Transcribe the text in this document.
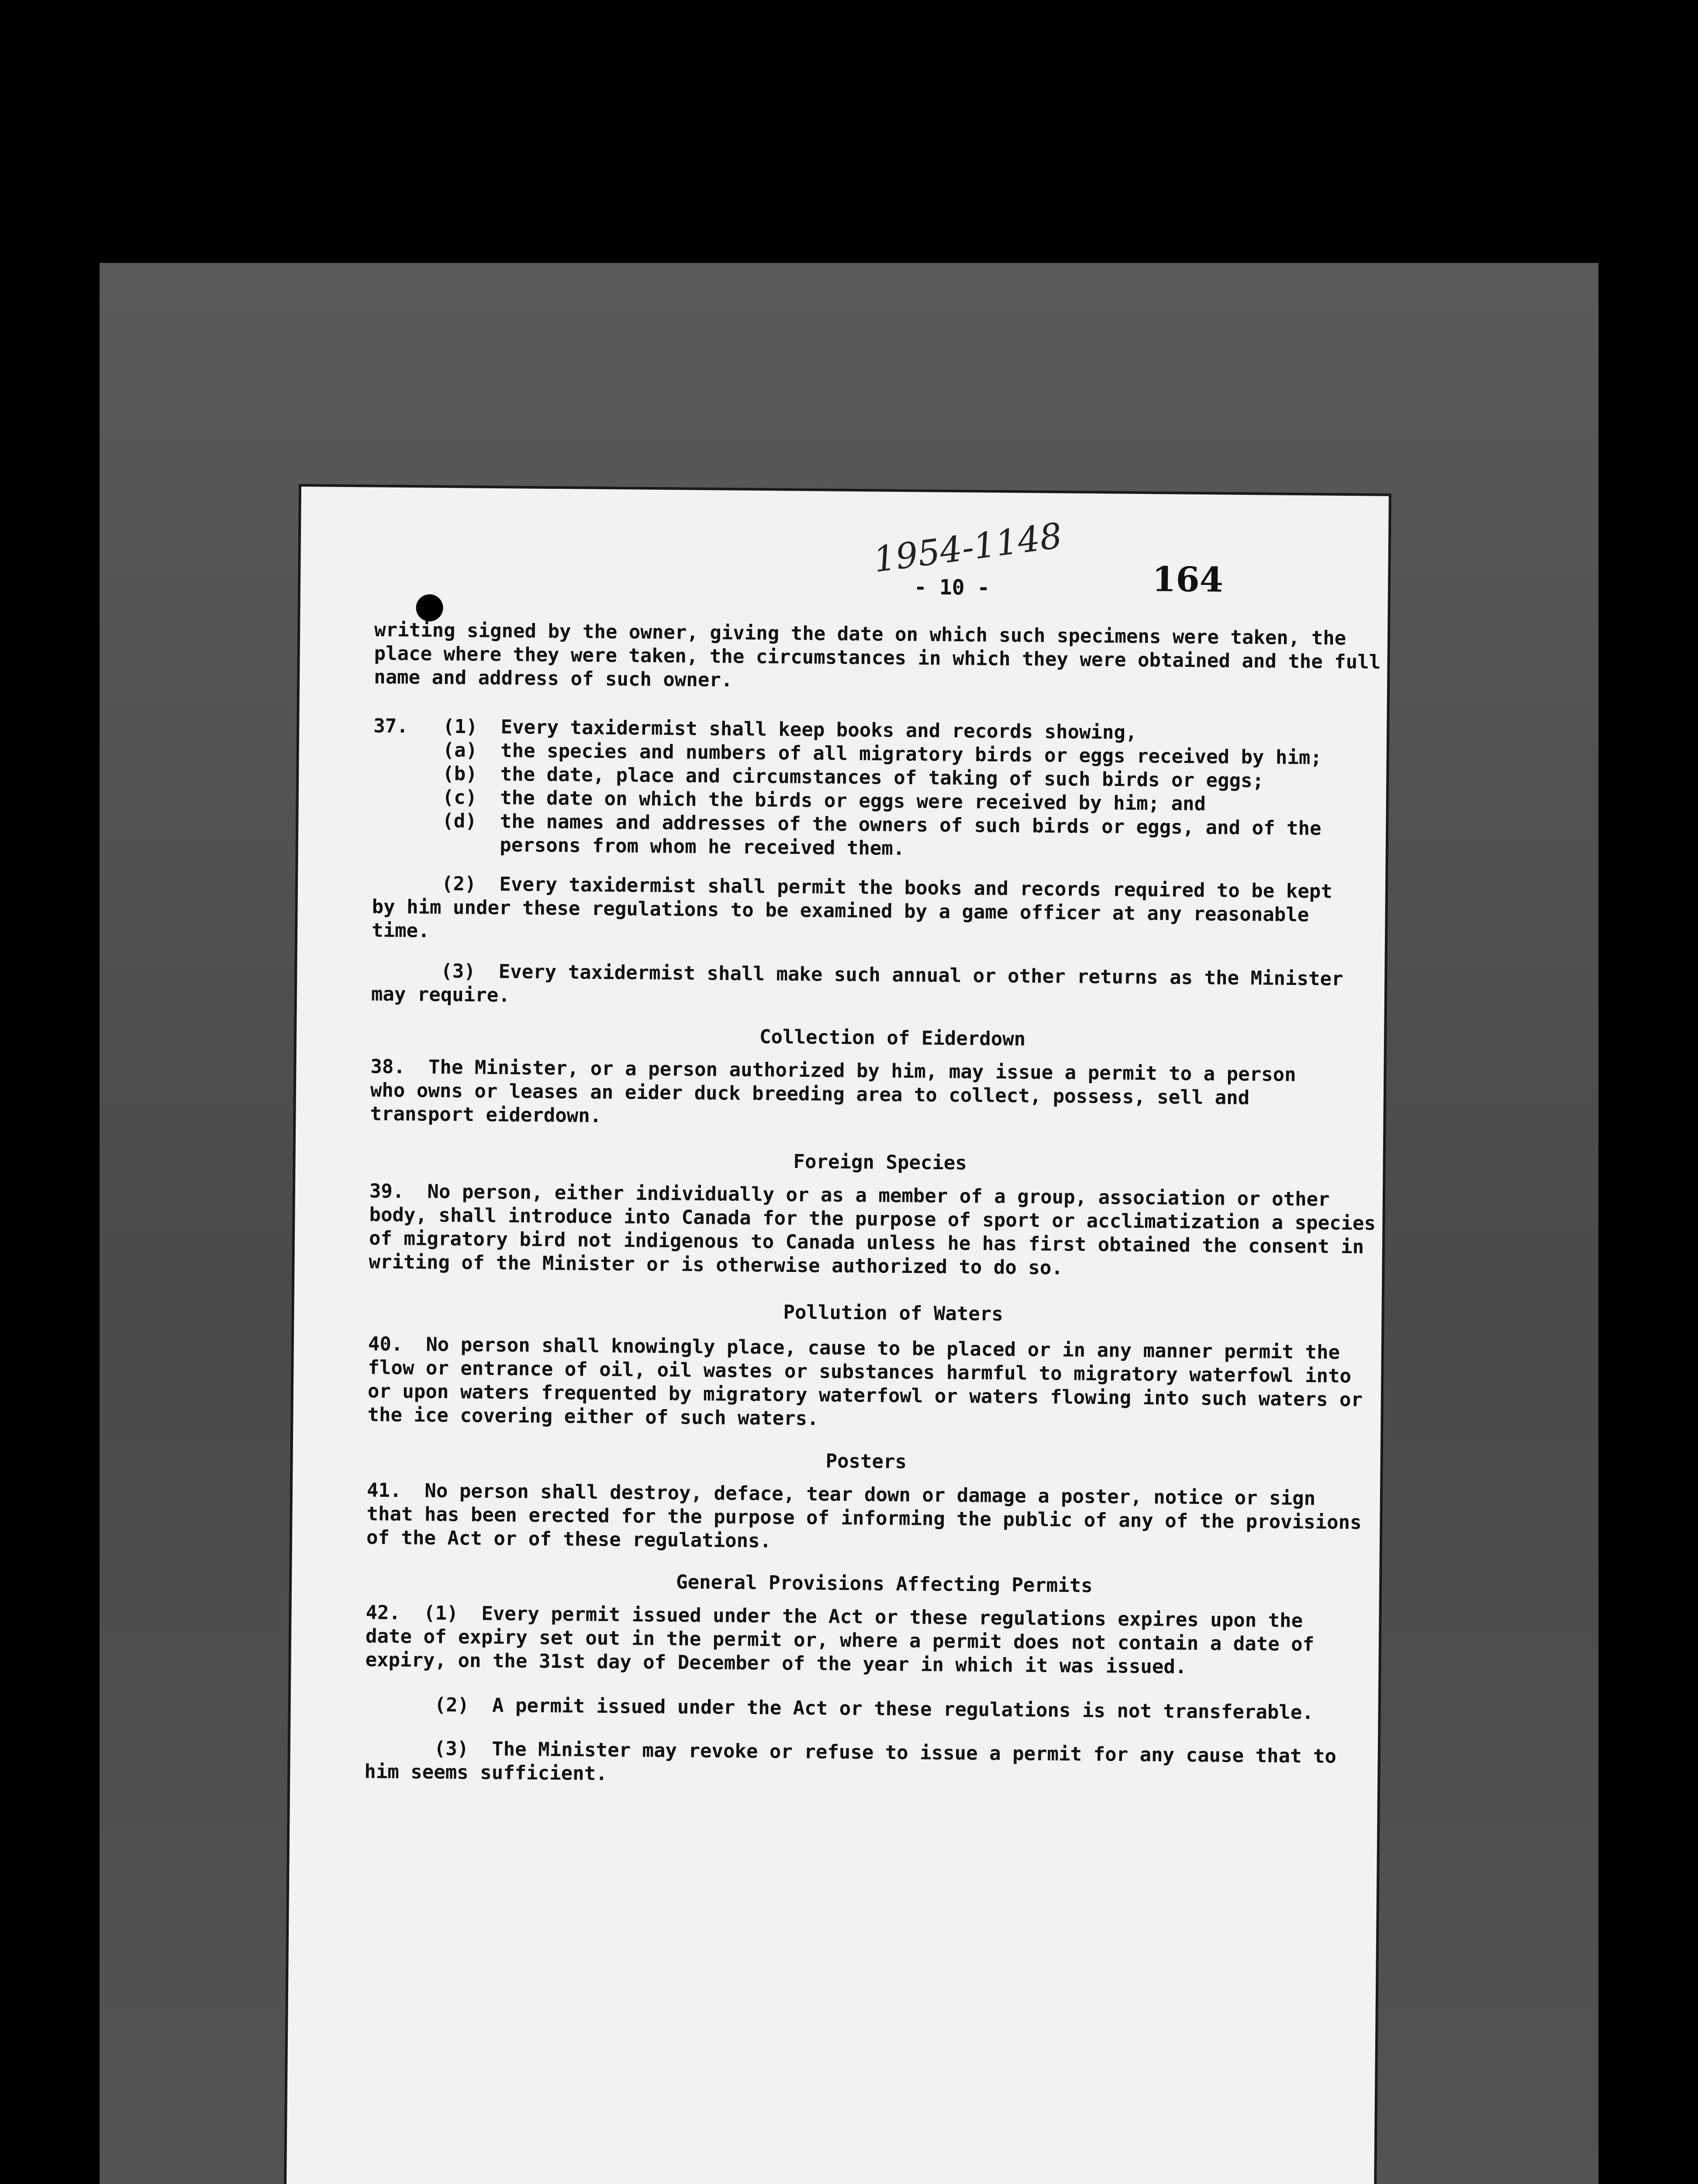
1954-1148
- 10 -	164
writing signed by the owner, giving the date on which such specimens were taken, the
place where they were taken, the circumstances in which they were obtained and the full
name and address of such owner.
37.   (1)  Every taxidermist shall keep books and records showing,
(a)  the species and numbers of all migratory birds or eggs received by him;
(b)  the date, place and circumstances of taking of such birds or eggs;
(c)  the date on which the birds or eggs were received by him; and
(d)  the names and addresses of the owners of such birds or eggs, and of the
persons from whom he received them.
(2)  Every taxidermist shall permit the books and records required to be kept
by him under these regulations to be examined by a game officer at any reasonable
time.
(3)  Every taxidermist shall make such annual or other returns as the Minister
may require.
Collection of Eiderdown
38.  The Minister, or a person authorized by him, may issue a permit to a person
who owns or leases an eider duck breeding area to collect, possess, sell and
transport eiderdown.
Foreign Species
39.  No person, either individually or as a member of a group, association or other
body, shall introduce into Canada for the purpose of sport or acclimatization a species
of migratory bird not indigenous to Canada unless he has first obtained the consent in
writing of the Minister or is otherwise authorized to do so.
Pollution of Waters
40.  No person shall knowingly place, cause to be placed or in any manner permit the
flow or entrance of oil, oil wastes or substances harmful to migratory waterfowl into
or upon waters frequented by migratory waterfowl or waters flowing into such waters or
the ice covering either of such waters.
Posters
41.  No person shall destroy, deface, tear down or damage a poster, notice or sign
that has been erected for the purpose of informing the public of any of the provisions
of the Act or of these regulations.
General Provisions Affecting Permits
42.  (1)  Every permit issued under the Act or these regulations expires upon the
date of expiry set out in the permit or, where a permit does not contain a date of
expiry, on the 31st day of December of the year in which it was issued.
(2)  A permit issued under the Act or these regulations is not transferable.
(3)  The Minister may revoke or refuse to issue a permit for any cause that to
him seems sufficient.
